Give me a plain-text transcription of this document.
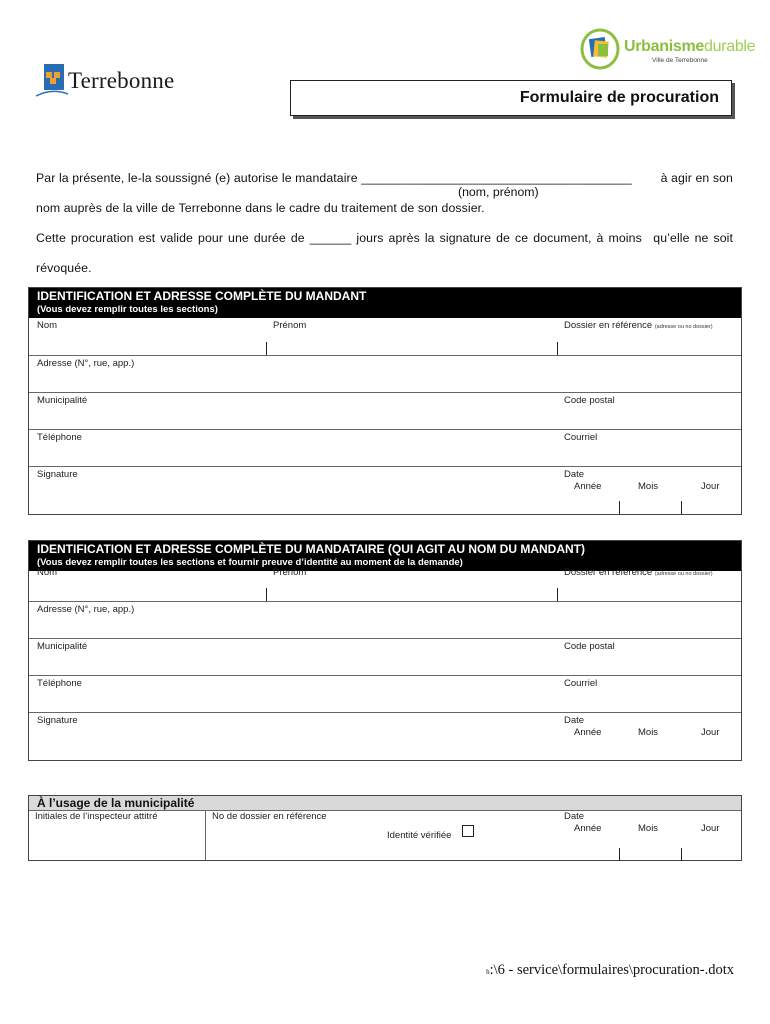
Terrebonne
Urbanismedurable
Ville de Terrebonne
Formulaire de procuration
Par la présente, le-la soussigné (e) autorise le mandataire _______________________________________ à agir en son
(nom, prénom)
nom auprès de la ville de Terrebonne dans le cadre du traitement de son dossier.
Cette procuration est valide pour une durée de ______ jours après la signature de ce document, à moins qu’elle ne soit
révoquée.
IDENTIFICATION ET ADRESSE COMPLÈTE DU MANDANT
(Vous devez remplir toutes les sections)
Nom	Prénom	Dossier en référence (adresse ou no dossier)
Adresse (N°, rue, app.)
Municipalité	Code postal
Téléphone	Courriel
Signature	Date
Année	Mois	Jour
IDENTIFICATION ET ADRESSE COMPLÈTE DU MANDATAIRE (QUI AGIT AU NOM DU MANDANT)
(Vous devez remplir toutes les sections et fournir preuve d’identité au moment de la demande)
Nom	Prénom	Dossier en référence (adresse ou no dossier)
Adresse (N°, rue, app.)
Municipalité	Code postal
Téléphone	Courriel
Signature	Date
Année	Mois	Jour
À l’usage de la municipalité
Initiales de l’inspecteur attitré	No de dossier en référence
Identité vérifiée
Date
Année	Mois	Jour
h:\6 - service\formulaires\procuration-.dotx
